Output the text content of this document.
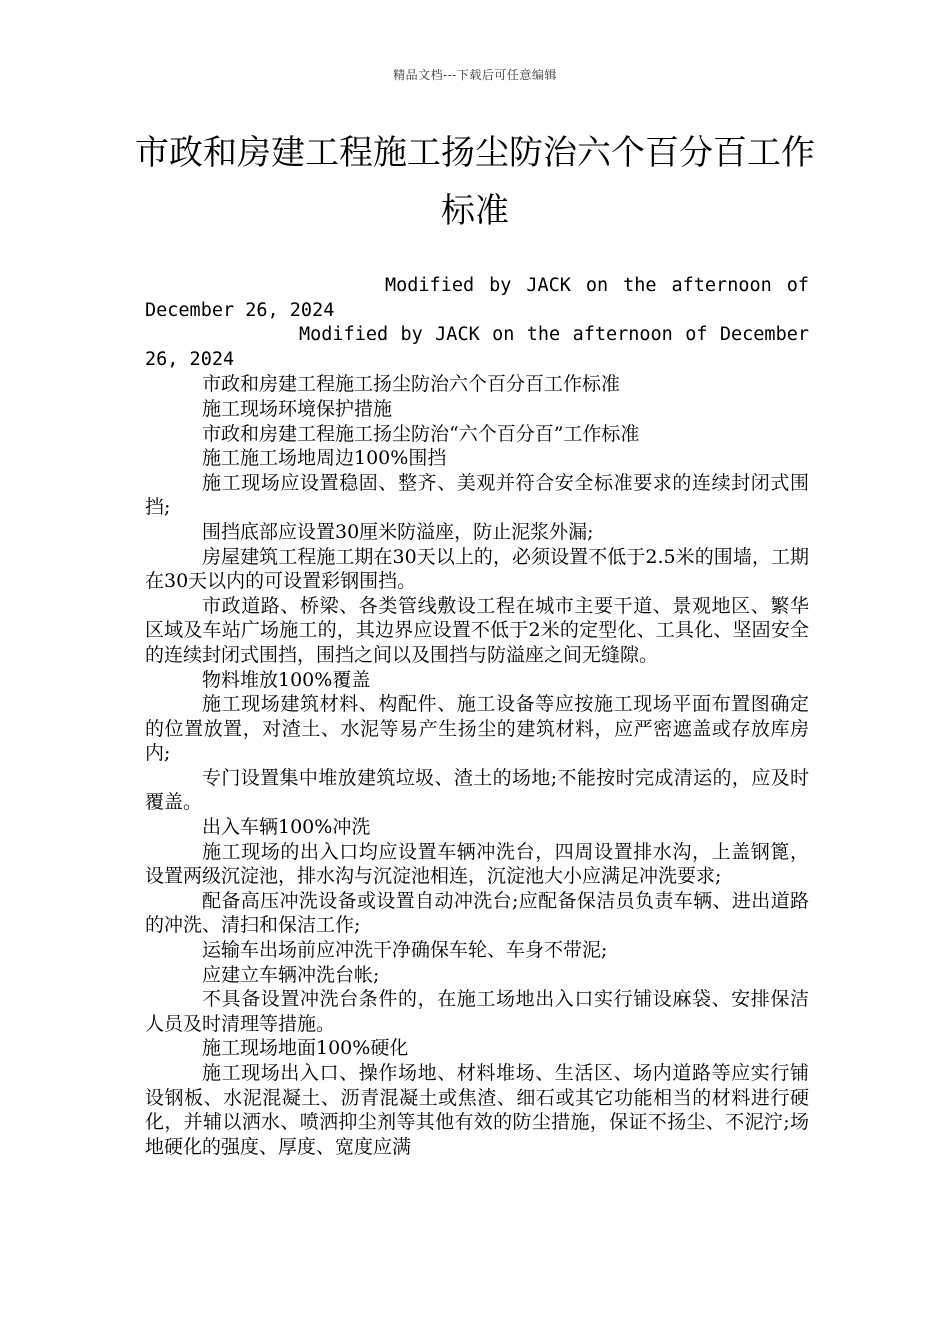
精品文档---下载后可任意编辑
市政和房建工程施工扬尘防治六个百分百工作标准

Modified by JACK on the afternoon of December 26, 2024

Modified by JACK on the afternoon of December 26, 2024

市政和房建工程施工扬尘防治六个百分百工作标准

施工现场环境保护措施

市政和房建工程施工扬尘防治“六个百分百”工作标准

施工施工场地周边100%围挡

施工现场应设置稳固、整齐、美观并符合安全标准要求的连续封闭式围挡;

围挡底部应设置30厘米防溢座，防止泥浆外漏;

房屋建筑工程施工期在30天以上的，必须设置不低于2.5米的围墙，工期在30天以内的可设置彩钢围挡。

市政道路、桥梁、各类管线敷设工程在城市主要干道、景观地区、繁华区域及车站广场施工的，其边界应设置不低于2米的定型化、工具化、坚固安全的连续封闭式围挡，围挡之间以及围挡与防溢座之间无缝隙。

物料堆放100%覆盖

施工现场建筑材料、构配件、施工设备等应按施工现场平面布置图确定的位置放置，对渣土、水泥等易产生扬尘的建筑材料，应严密遮盖或存放库房内;

专门设置集中堆放建筑垃圾、渣土的场地;不能按时完成清运的，应及时覆盖。

出入车辆100%冲洗

施工现场的出入口均应设置车辆冲洗台，四周设置排水沟，上盖钢篦，设置两级沉淀池，排水沟与沉淀池相连，沉淀池大小应满足冲洗要求;

配备高压冲洗设备或设置自动冲洗台;应配备保洁员负责车辆、进出道路的冲洗、清扫和保洁工作;

运输车出场前应冲洗干净确保车轮、车身不带泥;

应建立车辆冲洗台帐;

不具备设置冲洗台条件的，在施工场地出入口实行铺设麻袋、安排保洁人员及时清理等措施。

施工现场地面100%硬化

施工现场出入口、操作场地、材料堆场、生活区、场内道路等应实行铺设钢板、水泥混凝土、沥青混凝土或焦渣、细石或其它功能相当的材料进行硬化，并辅以洒水、喷洒抑尘剂等其他有效的防尘措施，保证不扬尘、不泥泞;场地硬化的强度、厚度、宽度应满
